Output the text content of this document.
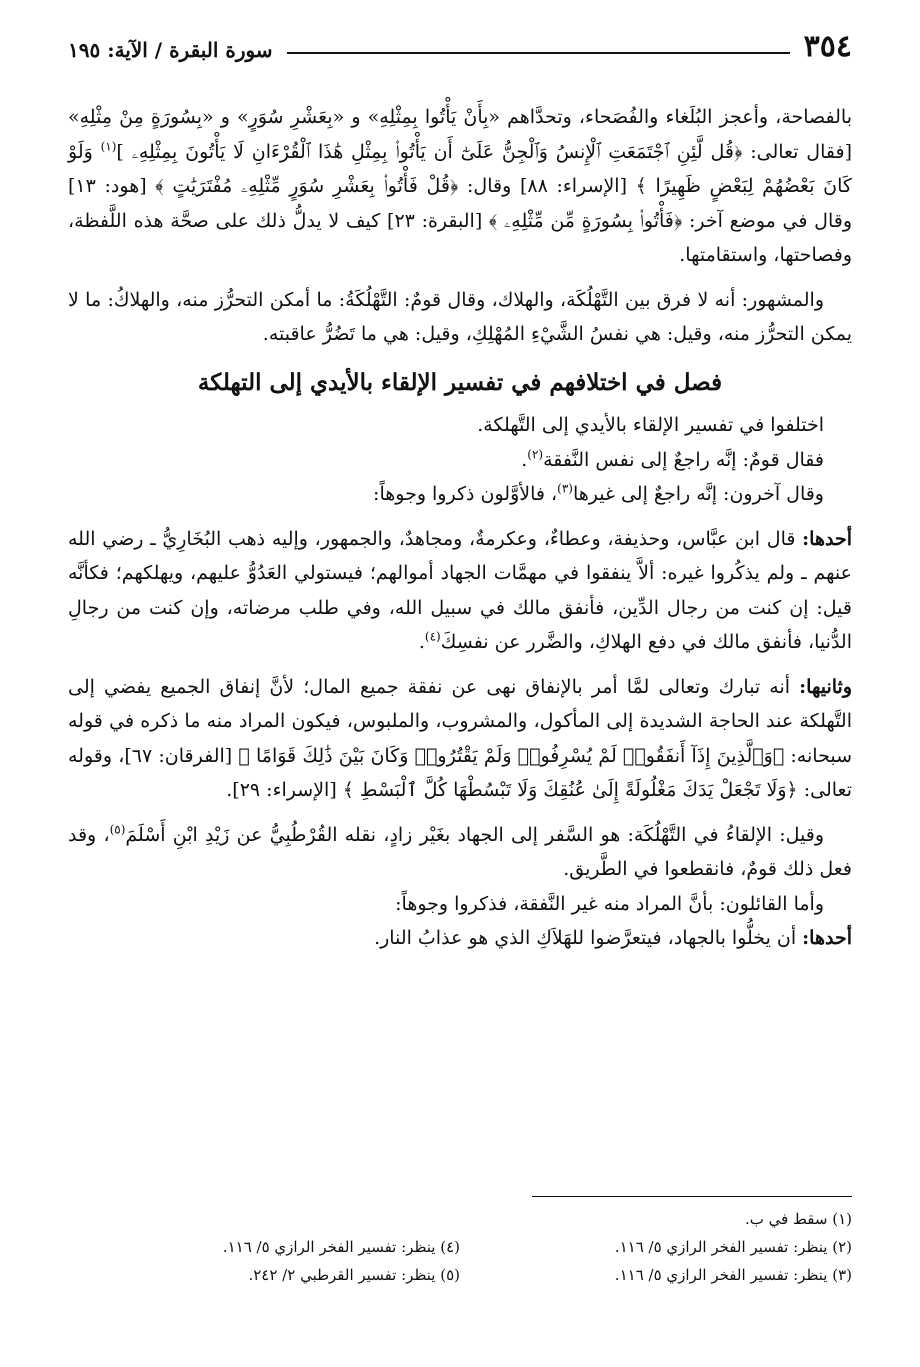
٣٥٤
سورة البقرة / الآية: ١٩٥

بالفصاحة، وأعجز البُلَغاء والفُصَحاء، وتحدَّاهم «بِأَنْ يَأْتُوا بِمِثْلِهِ» و «بِعَشْرِ سُوَرٍ» و «بِسُورَةٍ مِنْ مِثْلِهِ» [فقال تعالى: ﴿قُل لَّئِنِ ٱجْتَمَعَتِ ٱلْإِنسُ وَٱلْجِنُّ عَلَىٰٓ أَن يَأْتُوا۟ بِمِثْلِ هَٰذَا ٱلْقُرْءَانِ لَا يَأْتُونَ بِمِثْلِهِۦ ]$^{(١)}$ وَلَوْ كَانَ بَعْضُهُمْ لِبَعْضٍ ظَهِيرًا ﴾ [الإسراء: ٨٨] وقال: ﴿قُلْ فَأْتُوا۟ بِعَشْرِ سُوَرٍ مِّثْلِهِۦ مُفْتَرَيَٰتٍ ﴾ [هود: ١٣] وقال في موضع آخر: ﴿فَأْتُوا۟ بِسُورَةٍ مِّن مِّثْلِهِۦ ﴾ [البقرة: ٢٣] كيف لا يدلُّ ذلك على صحَّة هذه اللَّفظة، وفصاحتها، واستقامتها.

والمشهور: أنه لا فرق بين التَّهْلُكَة، والهلاك، وقال قومٌ: التَّهْلُكَةُ: ما أمكن التحرُّز منه، والهلاكُ: ما لا يمكن التحرُّز منه، وقيل: هي نفسُ الشَّيْءِ المُهْلِكِ، وقيل: هي ما تَضُرُّ عاقبته.

فصل في اختلافهم في تفسير الإلقاء بالأيدي إلى التهلكة

اختلفوا في تفسير الإلقاء بالأيدي إلى التَّهلكة.

فقال قومٌ: إنَّه راجعٌ إلى نفس النَّفقة$^{(٢)}$.

وقال آخرون: إنَّه راجعٌ إلى غيرها$^{(٣)}$، فالأوَّلون ذكروا وجوهاً:

أحدها: قال ابن عبَّاس، وحذيفة، وعطاءٌ، وعكرمةٌ، ومجاهدٌ، والجمهور، وإليه ذهب البُخَارِيُّ ـ رضي الله عنهم ـ ولم يذكُروا غيره: ألاَّ ينفقوا في مهمَّات الجهاد أموالهم؛ فيستولي العَدُوُّ عليهم، ويهلكهم؛ فكأنَّه قيل: إن كنت من رجال الدِّين، فأنفق مالك في سبيل الله، وفي طلب مرضاته، وإن كنت من رجالِ الدُّنيا، فأنفق مالك في دفع الهلاكِ، والضَّرر عن نفسِكَ$^{(٤)}$.

وثانيها: أنه تبارك وتعالى لمَّا أمر بالإنفاق نهى عن نفقة جميع المال؛ لأنَّ إنفاق الجميع يفضي إلى التَّهلكة عند الحاجة الشديدة إلى المأكول، والمشروب، والملبوس، فيكون المراد منه ما ذكره في قوله سبحانه: ﴿وَٱلَّذِينَ إِذَآ أَنفَقُوا۟ لَمْ يُسْرِفُوا۟ وَلَمْ يَقْتُرُوا۟ وَكَانَ بَيْنَ ذَٰلِكَ قَوَامًا ﴾ [الفرقان: ٦٧]، وقوله تعالى: ﴿وَلَا تَجْعَلْ يَدَكَ مَغْلُولَةً إِلَىٰ عُنُقِكَ وَلَا تَبْسُطْهَا كُلَّ ٱلْبَسْطِ ﴾ [الإسراء: ٢٩].

وقيل: الإلقاءُ في التَّهْلُكَة: هو السَّفر إلى الجهاد بغَيْر زادٍ، نقله القُرْطُبِيُّ عن زَيْدِ ابْنِ أَسْلَمَ$^{(٥)}$، وقد فعل ذلك قومٌ، فانقطعوا في الطَّريق.

وأما القائلون: بأنَّ المراد منه غير النَّفقة، فذكروا وجوهاً:

أحدها: أن يخلُّوا بالجهاد، فيتعرَّضوا للهَلاَكِ الذي هو عذابُ النار.

(١) سقط في ب.
(٢) ينظر: تفسير الفخر الرازي ٥/ ١١٦.
(٤) ينظر: تفسير الفخر الرازي ٥/ ١١٦.
(٣) ينظر: تفسير الفخر الرازي ٥/ ١١٦.
(٥) ينظر: تفسير القرطبي ٢/ ٢٤٢.
